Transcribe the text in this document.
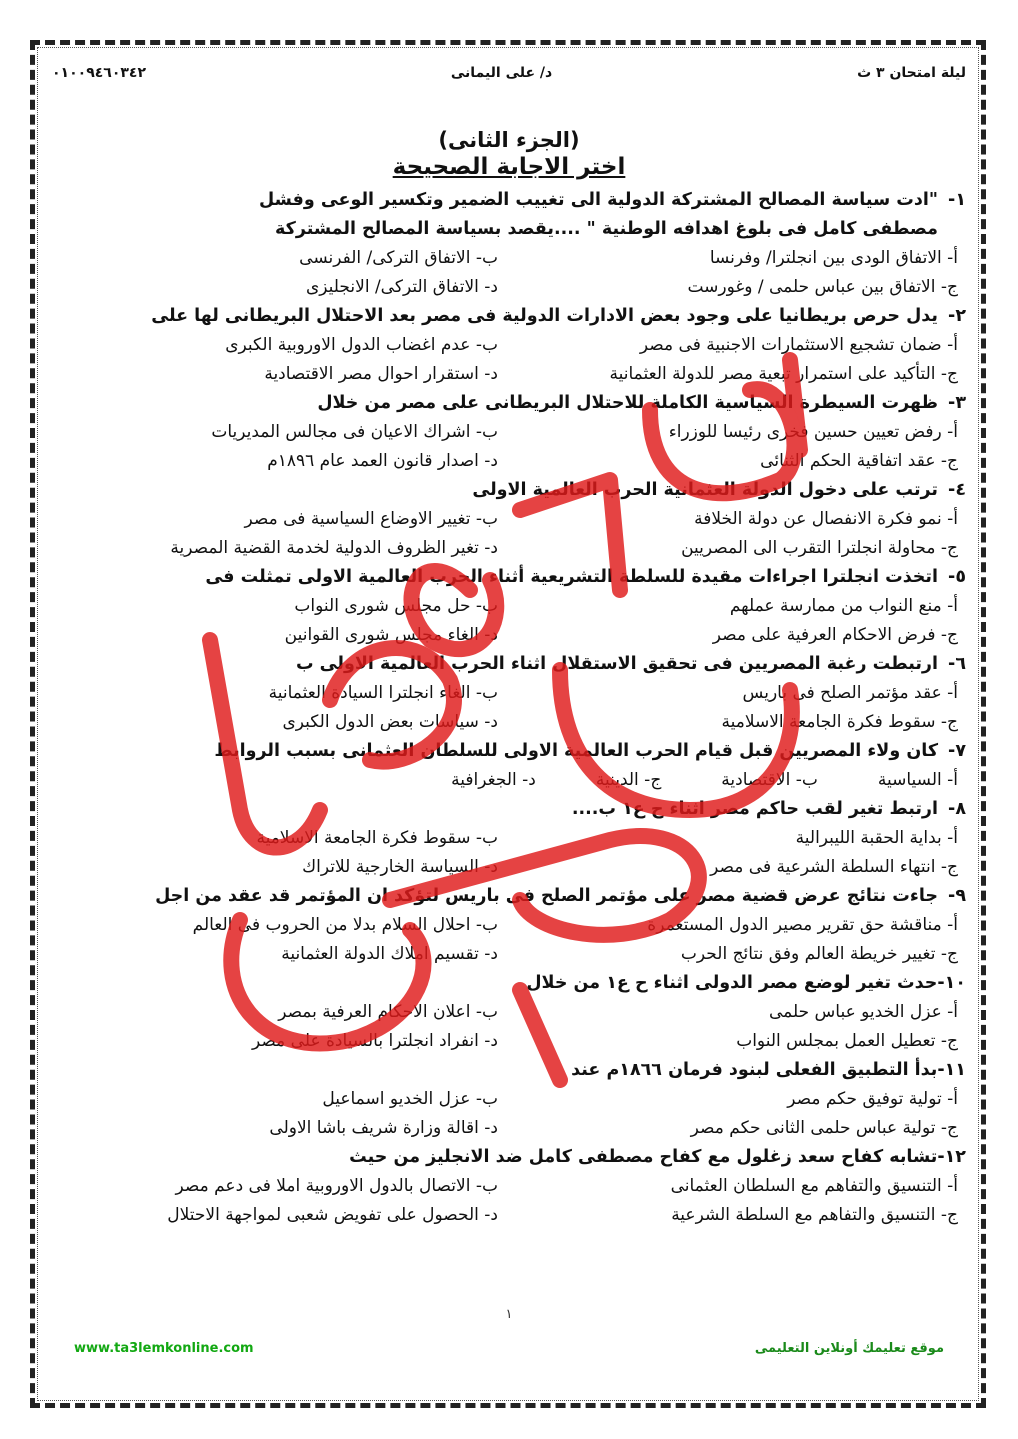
ليلة امتحان ٣ ث
د/ على اليمانى
٠١٠٠٩٤٦٠٣٤٢
(الجزء الثانى)
اختر الاجابة الصحيحة
١-"ادت سياسة المصالح المشتركة الدولية الى تغييب الضمير وتكسير الوعى وفشل
مصطفى كامل فى بلوغ اهدافه الوطنية " ....يقصد بسياسة المصالح المشتركة
أ- الاتفاق الودى بين انجلترا/ وفرنسا
ب- الاتفاق التركى/ الفرنسى
ج- الاتفاق بين عباس حلمى / وغورست
د- الاتفاق التركى/ الانجليزى
٢-يدل حرص بريطانيا على وجود بعض الادارات الدولية فى مصر بعد الاحتلال البريطانى لها على
أ- ضمان تشجيع الاستثمارات الاجنبية فى مصر
ب- عدم اغضاب الدول الاوروبية الكبرى
ج- التأكيد على استمرار تبعية مصر للدولة العثمانية
د- استقرار احوال مصر الاقتصادية
٣-ظهرت السيطرة السياسية الكاملة للاحتلال البريطانى على مصر من خلال
أ- رفض تعيين حسين فخرى رئيسا للوزراء
ب- اشراك الاعيان فى مجالس المديريات
ج- عقد اتفاقية الحكم الثنائى
د- اصدار قانون العمد عام ١٨٩٦م
٤-ترتب على دخول الدولة العثمانية الحرب العالمية الاولى
أ- نمو فكرة الانفصال عن دولة الخلافة
ب- تغيير الاوضاع السياسية فى مصر
ج- محاولة انجلترا التقرب الى المصريين
د- تغير الظروف الدولية لخدمة القضية المصرية
٥-اتخذت انجلترا اجراءات مقيدة للسلطة التشريعية أثناء الحرب العالمية الاولى تمثلت فى
أ- منع النواب من ممارسة عملهم
ب- حل مجلس شورى النواب
ج- فرض الاحكام العرفية على مصر
د- الغاء مجلس شورى القوانين
٦-ارتبطت رغبة المصريين فى تحقيق الاستقلال اثناء الحرب العالمية الاولى ب
أ- عقد مؤتمر الصلح فى باريس
ب- الغاء انجلترا السيادة العثمانية
ج- سقوط فكرة الجامعة الاسلامية
د- سياسات بعض الدول الكبرى
٧-كان ولاء المصريين قبل قيام الحرب العالمية الاولى للسلطان العثمانى بسبب الروابط
أ- السياسية
ب- الاقتصادية
ج- الدينية
د- الجغرافية
٨-ارتبط تغير لقب حاكم مصر اثناء ح ع١ ب....
أ- بداية الحقبة الليبرالية
ب- سقوط فكرة الجامعة الاسلامية
ج- انتهاء السلطة الشرعية فى مصر
د- السياسة الخارجية للاتراك
٩-جاءت نتائج عرض قضية مصر على مؤتمر الصلح فى باريس لتؤكد ان المؤتمر قد عقد من اجل
أ- مناقشة حق تقرير مصير الدول المستعمرة
ب- احلال السلام بدلا من الحروب فى العالم
ج- تغيير خريطة العالم وفق نتائج الحرب
د- تقسيم املاك الدولة العثمانية
١٠-حدث تغير لوضع مصر الدولى اثناء ح ع١ من خلال
أ- عزل الخديو عباس حلمى
ب- اعلان الاحكام العرفية بمصر
ج- تعطيل العمل بمجلس النواب
د- انفراد انجلترا بالسيادة على مصر
١١-بدأ التطبيق الفعلى لبنود فرمان ١٨٦٦م عند
أ- تولية توفيق حكم مصر
ب- عزل الخديو اسماعيل
ج- تولية عباس حلمى الثانى حكم مصر
د- اقالة وزارة شريف باشا الاولى
١٢-تشابه كفاح سعد زغلول مع كفاح مصطفى كامل ضد الانجليز من حيث
أ- التنسيق والتفاهم مع السلطان العثمانى
ب- الاتصال بالدول الاوروبية املا فى دعم مصر
ج- التنسيق والتفاهم مع السلطة الشرعية
د- الحصول على تفويض شعبى لمواجهة الاحتلال
١
موقع تعليمك أونلاين التعليمى
www.ta3lemkonline.com
